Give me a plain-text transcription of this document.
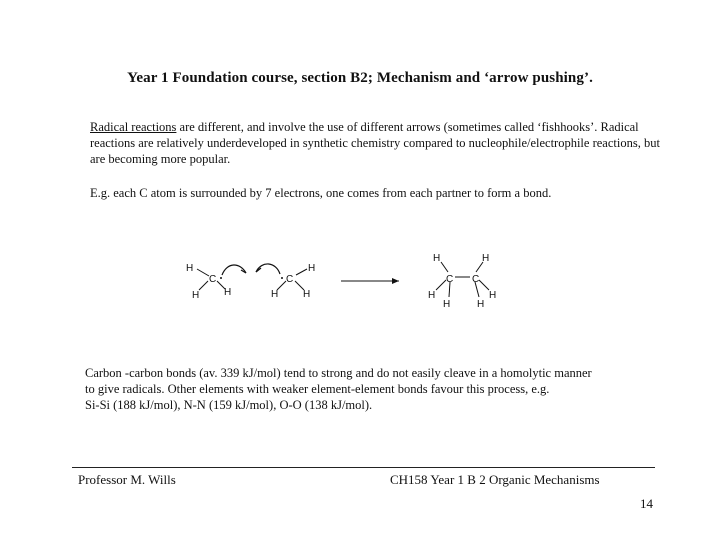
Year 1 Foundation course, section B2; Mechanism and ‘arrow pushing’.
Radical reactions are different, and involve the use of different arrows (sometimes called ‘fishhooks’. Radical reactions are relatively underdeveloped in synthetic chemistry compared to nucleophile/electrophile reactions, but are becoming more popular.
E.g. each C atom is surrounded by 7 electrons, one comes from each partner to form a bond.
H
C
H H
C
H
H H
H	H
C C
H
H	H
H
Carbon -carbon bonds (av. 339 kJ/mol) tend to strong and do not easily cleave in a homolytic manner
to give radicals. Other elements with weaker element-element bonds favour this process, e.g.
Si-Si (188 kJ/mol), N-N (159 kJ/mol), O-O (138 kJ/mol).
Professor M. Wills	CH158 Year 1 B 2 Organic Mechanisms
14
